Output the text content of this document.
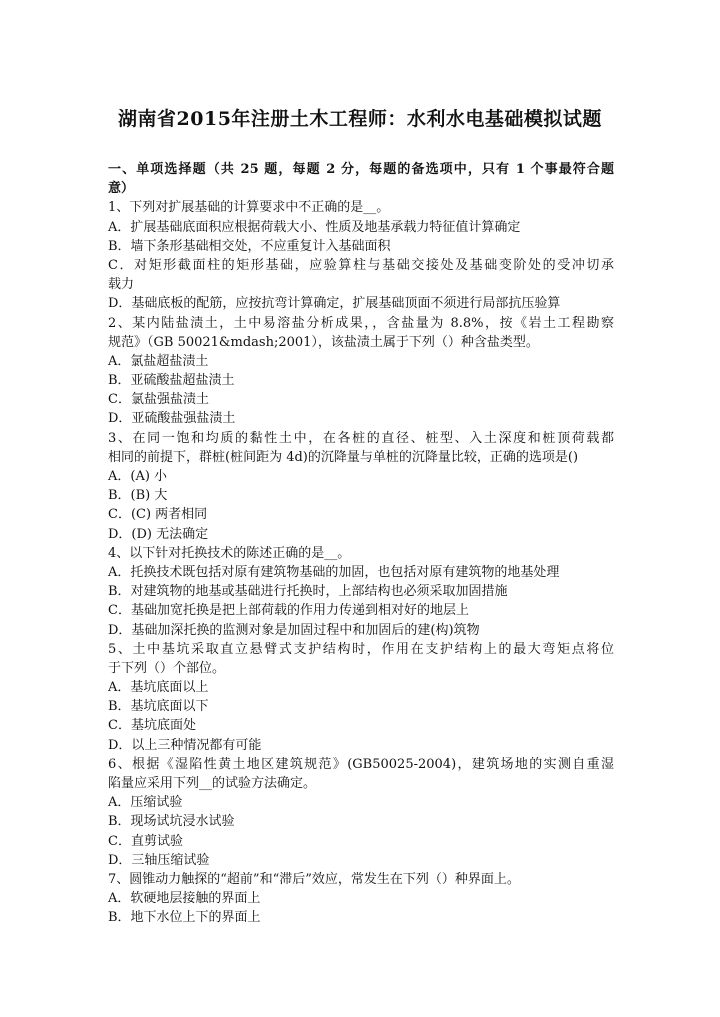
湖南省2015年注册土木工程师：水利水电基础模拟试题
一、单项选择题（共 25 题，每题 2 分，每题的备选项中，只有 1 个事最符合题
意）
1、下列对扩展基础的计算要求中不正确的是__。
A．扩展基础底面积应根据荷载大小、性质及地基承载力特征值计算确定
B．墙下条形基础相交处，不应重复计入基础面积
C．对矩形截面柱的矩形基础，应验算柱与基础交接处及基础变阶处的受冲切承
载力
D．基础底板的配筋，应按抗弯计算确定，扩展基础顶面不须进行局部抗压验算
2、某内陆盐渍土，土中易溶盐分析成果，，含盐量为 8.8%，按《岩土工程勘察
规范》（GB 50021&mdash;2001），该盐渍土属于下列（）种含盐类型。
A．氯盐超盐渍土
B．亚硫酸盐超盐渍土
C．氯盐强盐渍土
D．亚硫酸盐强盐渍土
3、在同一饱和均质的黏性土中，在各桩的直径、桩型、入土深度和桩顶荷载都
相同的前提下，群桩(桩间距为 4d)的沉降量与单桩的沉降量比较，正确的选项是()
A．(A) 小
B．(B) 大
C．(C) 两者相同
D．(D) 无法确定
4、以下针对托换技术的陈述正确的是__。
A．托换技术既包括对原有建筑物基础的加固，也包括对原有建筑物的地基处理
B．对建筑物的地基或基础进行托换时，上部结构也必须采取加固措施
C．基础加宽托换是把上部荷载的作用力传递到相对好的地层上
D．基础加深托换的监测对象是加固过程中和加固后的建(构)筑物
5、土中基坑采取直立悬臂式支护结构时，作用在支护结构上的最大弯矩点将位
于下列（）个部位。
A．基坑底面以上
B．基坑底面以下
C．基坑底面处
D．以上三种情况都有可能
6、根据《湿陷性黄土地区建筑规范》(GB50025-2004)，建筑场地的实测自重湿
陷量应采用下列__的试验方法确定。
A．压缩试验
B．现场试坑浸水试验
C．直剪试验
D．三轴压缩试验
7、圆锥动力触探的“超前”和“滞后”效应，常发生在下列（）种界面上。
A．软硬地层接触的界面上
B．地下水位上下的界面上
